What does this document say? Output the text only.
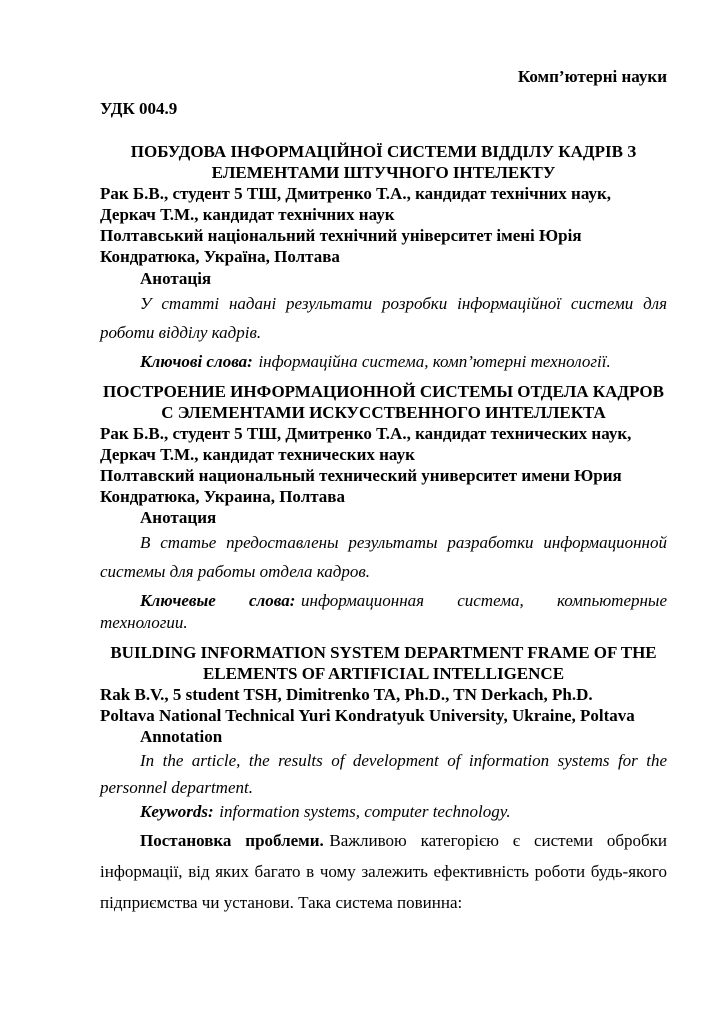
Комп’ютерні науки
УДК 004.9
ПОБУДОВА ІНФОРМАЦІЙНОЇ СИСТЕМИ ВІДДІЛУ КАДРІВ З
ЕЛЕМЕНТАМИ ШТУЧНОГО ІНТЕЛЕКТУ
Рак Б.В., студент 5 ТШ, Дмитренко Т.А., кандидат технічних наук,
Деркач Т.М., кандидат технічних наук
Полтавський національний технічний університет імені Юрія
Кондратюка, Україна, Полтава
Анотація
У статті надані результати розробки інформаційної системи для
роботи відділу кадрів.
Ключові слова: інформаційна система, комп’ютерні технології.
ПОСТРОЕНИЕ ИНФОРМАЦИОННОЙ СИСТЕМЫ ОТДЕЛА КАДРОВ
С ЭЛЕМЕНТАМИ ИСКУССТВЕННОГО ИНТЕЛЛЕКТА
Рак Б.В., студент 5 ТШ, Дмитренко Т.А., кандидат технических наук,
Деркач Т.М., кандидат технических наук
Полтавский национальный технический университет имени Юрия
Кондратюка, Украина, Полтава
Анотация
В статье предоставлены результаты разработки информационной
системы для работы отдела кадров.
Ключевые слова: информационная система, компьютерные
технологии.
BUILDING INFORMATION SYSTEM DEPARTMENT FRAME OF THE
ELEMENTS OF ARTIFICIAL INTELLIGENCE
Rak B.V., 5 student TSH, Dimitrenko TA, Ph.D., TN Derkach, Ph.D.
Poltava National Technical Yuri Kondratyuk University, Ukraine, Poltava
Annotation
In the article, the results of development of information systems for the
personnel department.
Keywords: information systems, computer technology.
Постановка проблеми. Важливою категорією є системи обробки
інформації, від яких багато в чому залежить ефективність роботи будь-якого
підприємства чи установи. Така система повинна:
